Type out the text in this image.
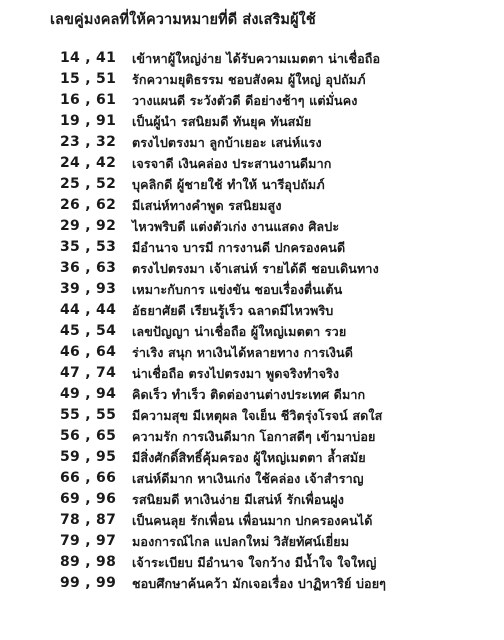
เลขคู่มงคลที่ให้ความหมายที่ดี ส่งเสริมผู้ใช้
14 , 41	เข้าหาผู้ใหญ่ง่าย ได้รับความเมตตา น่าเชื่อถือ
15 , 51	รักความยุติธรรม ชอบสังคม ผู้ใหญ่ อุปถัมภ์
16 , 61	วางแผนดี ระวังตัวดี ดีอย่างช้าๆ แต่มั่นคง
19 , 91	เป็นผู้นำ รสนิยมดี ทันยุค ทันสมัย
23 , 32	ตรงไปตรงมา ลูกบ้าเยอะ เสน่ห์แรง
24 , 42	เจรจาดี เงินคล่อง ประสานงานดีมาก
25 , 52	บุคลิกดี ผู้ชายใช้ ทำให้ นารีอุปถัมภ์
26 , 62	มีเสน่ห์ทางคำพูด รสนิยมสูง
29 , 92	ไหวพริบดี แต่งตัวเก่ง งานแสดง ศิลปะ
35 , 53	มีอำนาจ บารมี การงานดี ปกครองคนดี
36 , 63	ตรงไปตรงมา เจ้าเสน่ห์ รายได้ดี ชอบเดินทาง
39 , 93	เหมาะกับการ แข่งขัน ชอบเรื่องตื่นเต้น
44 , 44	อัธยาศัยดี เรียนรู้เร็ว ฉลาดมีไหวพริบ
45 , 54	เลขปัญญา น่าเชื่อถือ ผู้ใหญ่เมตตา รวย
46 , 64	ร่าเริง สนุก หาเงินได้หลายทาง การเงินดี
47 , 74	น่าเชื่อถือ ตรงไปตรงมา พูดจริงทำจริง
49 , 94	คิดเร็ว ทำเร็ว ติดต่องานต่างประเทศ ดีมาก
55 , 55	มีความสุข มีเหตุผล ใจเย็น ชีวิตรุ่งโรจน์ สดใส
56 , 65	ความรัก การเงินดีมาก โอกาสดีๆ เข้ามาบ่อย
59 , 95	มีสิ่งศักดิ์สิทธิ์คุ้มครอง ผู้ใหญ่เมตตา ล้ำสมัย
66 , 66	เสน่ห์ดีมาก หาเงินเก่ง ใช้คล่อง เจ้าสำราญ
69 , 96	รสนิยมดี หาเงินง่าย มีเสน่ห์ รักเพื่อนฝูง
78 , 87	เป็นคนลุย รักเพื่อน เพื่อนมาก ปกครองคนได้
79 , 97	มองการณ์ไกล แปลกใหม่ วิสัยทัศน์เยี่ยม
89 , 98	เจ้าระเบียบ มีอำนาจ ใจกว้าง มีน้ำใจ ใจใหญ่
99 , 99	ชอบศึกษาค้นคว้า มักเจอเรื่อง ปาฏิหาริย์ บ่อยๆ
